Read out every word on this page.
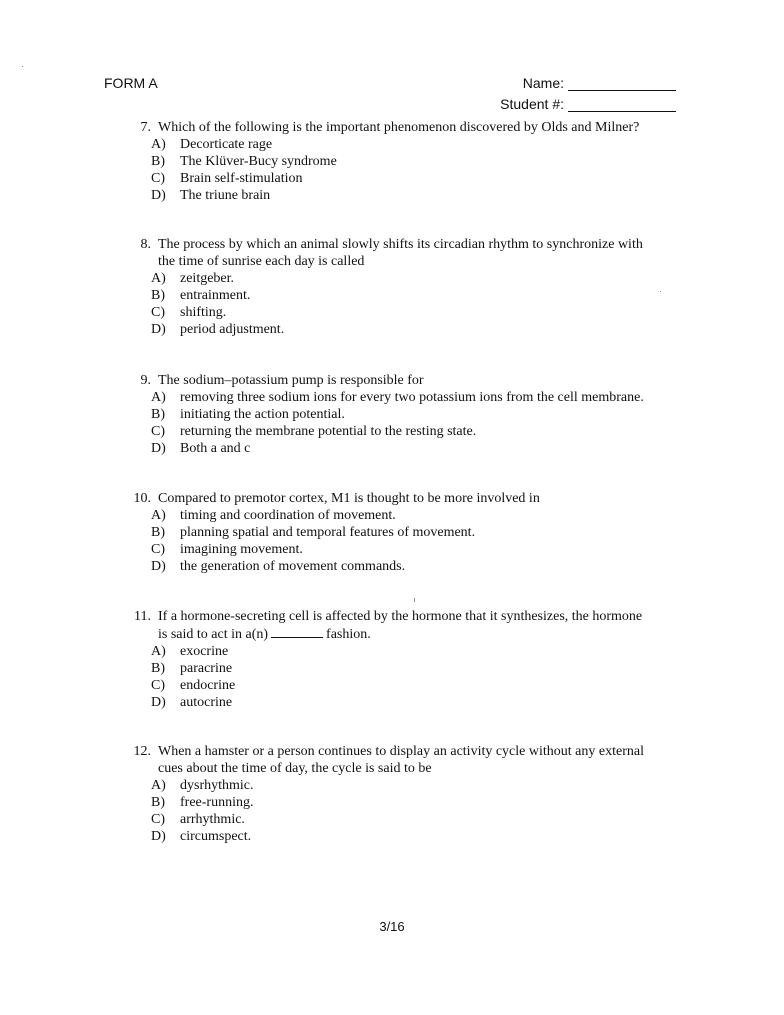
FORM A	Name:
Student #:
7. Which of the following is the important phenomenon discovered by Olds and Milner?
A)	Decorticate rage
B)	The Klüver-Bucy syndrome
C)	Brain self-stimulation
D)	The triune brain
8. The process by which an animal slowly shifts its circadian rhythm to synchronize with
the time of sunrise each day is called
A)	zeitgeber.
B)	entrainment.
C)	shifting.
D)	period adjustment.
9. The sodium–potassium pump is responsible for
A)	removing three sodium ions for every two potassium ions from the cell membrane.
B)	initiating the action potential.
C)	returning the membrane potential to the resting state.
D)	Both a and c
10. Compared to premotor cortex, M1 is thought to be more involved in
A)	timing and coordination of movement.
B)	planning spatial and temporal features of movement.
C)	imagining movement.
D)	the generation of movement commands.
11. If a hormone-secreting cell is affected by the hormone that it synthesizes, the hormone
is said to act in a(n)	fashion.
A)	exocrine
B)	paracrine
C)	endocrine
D)	autocrine
12. When a hamster or a person continues to display an activity cycle without any external
cues about the time of day, the cycle is said to be
A)	dysrhythmic.
B)	free-running.
C)	arrhythmic.
D)	circumspect.
3/16
